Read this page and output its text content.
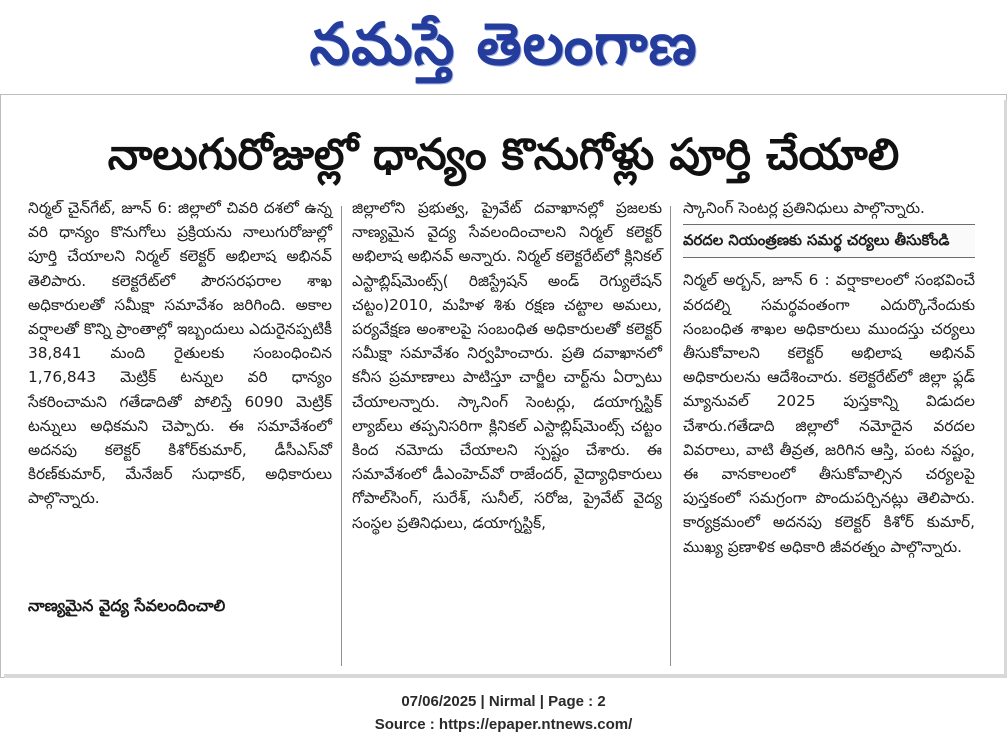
నమస్తే తెలంగాణ
నాలుగురోజుల్లో ధాన్యం కొనుగోళ్లు పూర్తి చేయాలి
నిర్మల్ చైన్‌గేట్, జూన్ 6: జిల్లాలో చివరి దశలో ఉన్న వరి ధాన్యం కొనుగోలు ప్రక్రియను నాలుగురోజుల్లో పూర్తి చేయాలని నిర్మల్ కలెక్టర్ అభిలాష అభినవ్ తెలిపారు. కలెక్టరేట్‌లో పౌరసరఫరాల శాఖ అధికారులతో సమీక్షా సమావేశం జరిగింది. అకాల వర్షాలతో కొన్ని ప్రాంతాల్లో ఇబ్బందులు ఎదురైనప్పటికీ 38,841 మంది రైతులకు సంబంధించిన 1,76,843 మెట్రిక్ టన్నుల వరి ధాన్యం సేకరించామని గతేడాదితో పోలిస్తే 6090 మెట్రిక్ టన్నులు అధికమని చెప్పారు. ఈ సమావేశంలో అదనపు కలెక్టర్ కిశోర్‌కుమార్, డీసీఎస్‌వో కిరణ్‌కుమార్, మేనేజర్ సుధాకర్, అధికారులు పాల్గొన్నారు.
నాణ్యమైన వైద్య సేవలందించాలి
జిల్లాలోని ప్రభుత్వ, ప్రైవేట్ దవాఖానల్లో ప్రజలకు నాణ్యమైన వైద్య సేవలందించాలని నిర్మల్ కలెక్టర్ అభిలాష అభినవ్ అన్నారు. నిర్మల్ కలెక్టరేట్‌లో క్లినికల్ ఎస్టాబ్లిష్‌మెంట్స్( రిజిస్ట్రేషన్ అండ్ రెగ్యులేషన్ చట్టం)2010, మహిళ శిశు రక్షణ చట్టాల అమలు, పర్యవేక్షణ అంశాలపై సంబంధిత అధికారులతో కలెక్టర్ సమీక్షా సమావేశం నిర్వహించారు. ప్రతి దవాఖానలో కనీస ప్రమాణాలు పాటిస్తూ చార్జీల చార్ట్‌ను ఏర్పాటు చేయాలన్నారు. స్కానింగ్ సెంటర్లు, డయాగ్నస్టిక్ ల్యాబ్‌లు తప్పనిసరిగా క్లినికల్ ఎస్టాబ్లిష్‌మెంట్స్ చట్టం కింద నమోదు చేయాలని స్పష్టం చేశారు. ఈ సమావేశంలో డీఎంహెచ్‌వో రాజేందర్, వైద్యాధికారులు గోపాల్‌సింగ్, సురేశ్, సునీల్, సరోజ, ప్రైవేట్ వైద్య సంస్థల ప్రతినిధులు, డయాగ్నస్టిక్,
స్కానింగ్ సెంటర్ల ప్రతినిధులు పాల్గొన్నారు.
వరదల నియంత్రణకు సమర్థ చర్యలు తీసుకోండి
నిర్మల్ అర్బన్, జూన్ 6 : వర్షాకాలంలో సంభవించే వరదల్ని సమర్థవంతంగా ఎదుర్కొనేందుకు సంబంధిత శాఖల అధికారులు ముందస్తు చర్యలు తీసుకోవాలని కలెక్టర్ అభిలాష అభినవ్ అధికారులను ఆదేశించారు. కలెక్టరేట్‌లో జిల్లా ఫ్లడ్ మ్యానువల్ 2025 పుస్తకాన్ని విడుదల చేశారు.గతేడాది జిల్లాలో నమోదైన వరదల వివరాలు, వాటి తీవ్రత, జరిగిన ఆస్తి, పంట నష్టం, ఈ వానకాలంలో తీసుకోవాల్సిన చర్యలపై పుస్తకంలో సమగ్రంగా పొందుపర్చినట్లు తెలిపారు. కార్యక్రమంలో అదనపు కలెక్టర్ కిశోర్ కుమార్, ముఖ్య ప్రణాళిక అధికారి జీవరత్నం పాల్గొన్నారు.
07/06/2025 | Nirmal | Page : 2
Source : https://epaper.ntnews.com/
